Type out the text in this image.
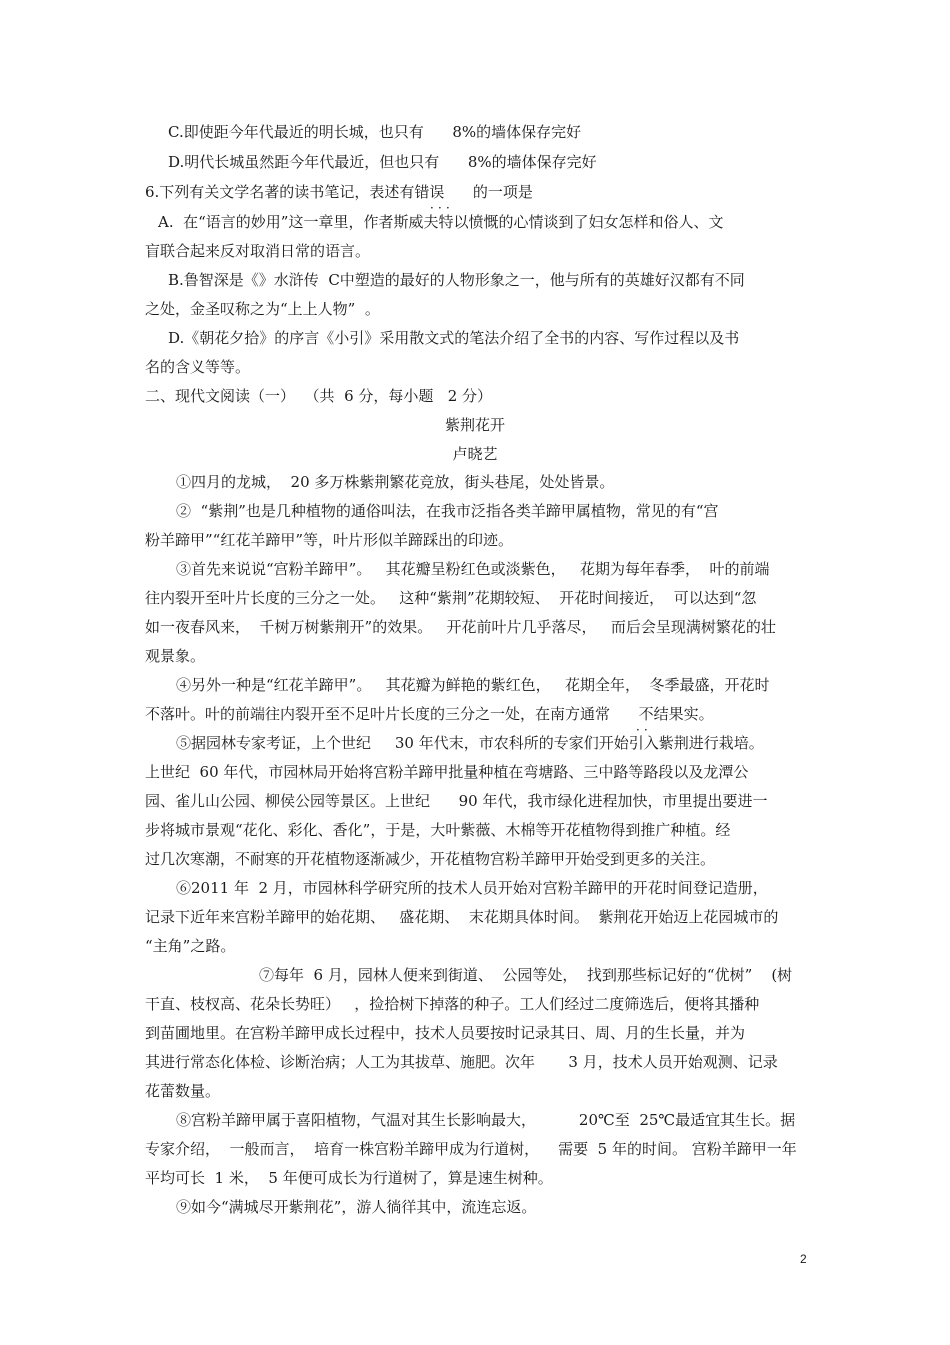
C.即使距今年代最近的明长城，也只有      8%的墙体保存完好
D.明代长城虽然距今年代最近，但也只有      8%的墙体保存完好
6.下列有关文学名著的读书笔记，表述有错误      的一项是
．．．
A.  在“语言的妙用”这一章里，作者斯威夫特以愤慨的心情谈到了妇女怎样和俗人、文
盲联合起来反对取消日常的语言。
B.鲁智深是《》水浒传  C中塑造的最好的人物形象之一，他与所有的英雄好汉都有不同
之处，金圣叹称之为“上上人物”  。
D.《朝花夕拾》的序言《小引》采用散文式的笔法介绍了全书的内容、写作过程以及书
名的含义等等。
二、现代文阅读（一）  （共  6 分，每小题   2 分）
紫荆花开
卢晓艺
①四月的龙城，  20 多万株紫荆繁花竞放，街头巷尾，处处皆景。
②  “紫荆”也是几种植物的通俗叫法，在我市泛指各类羊蹄甲属植物，常见的有“宫
粉羊蹄甲”“红花羊蹄甲”等，叶片形似羊蹄踩出的印迹。
③首先来说说“宫粉羊蹄甲”。   其花瓣呈粉红色或淡紫色，   花期为每年春季，  叶的前端
往内裂开至叶片长度的三分之一处。   这种“紫荆”花期较短、  开花时间接近，  可以达到“忽
如一夜春风来，  千树万树紫荆开”的效果。   开花前叶片几乎落尽，   而后会呈现满树繁花的壮
观景象。
④另外一种是“红花羊蹄甲”。   其花瓣为鲜艳的紫红色，   花期全年，  冬季最盛，开花时
不落叶。叶的前端往内裂开至不足叶片长度的三分之一处，在南方通常      不结果实。
．．
⑤据园林专家考证，上个世纪     30 年代末，市农科所的专家们开始引入紫荆进行栽培。
上世纪  60 年代，市园林局开始将宫粉羊蹄甲批量种植在弯塘路、三中路等路段以及龙潭公
园、雀儿山公园、柳侯公园等景区。上世纪      90 年代，我市绿化进程加快，市里提出要进一
步将城市景观“花化、彩化、香化”，于是，大叶紫薇、木棉等开花植物得到推广种植。经
过几次寒潮，不耐寒的开花植物逐渐减少，开花植物宫粉羊蹄甲开始受到更多的关注。
⑥2011 年  2 月，市园林科学研究所的技术人员开始对宫粉羊蹄甲的开花时间登记造册，
记录下近年来宫粉羊蹄甲的始花期、   盛花期、  末花期具体时间。  紫荆花开始迈上花园城市的
“主角”之路。
⑦每年  6 月，园林人便来到街道、  公园等处，  找到那些标记好的“优树”    (树
干直、枝杈高、花朵长势旺）   ，捡拾树下掉落的种子。工人们经过二度筛选后，便将其播种
到苗圃地里。在宫粉羊蹄甲成长过程中，技术人员要按时记录其日、周、月的生长量，并为
其进行常态化体检、诊断治病；人工为其拔草、施肥。次年       3 月，技术人员开始观测、记录
花蕾数量。
⑧宫粉羊蹄甲属于喜阳植物，气温对其生长影响最大，         20℃至  25℃最适宜其生长。据
专家介绍，  一般而言，  培育一株宫粉羊蹄甲成为行道树，    需要  5 年的时间。 宫粉羊蹄甲一年
平均可长  1 米，  5 年便可成长为行道树了，算是速生树种。
⑨如今“满城尽开紫荆花”，游人徜徉其中，流连忘返。
2
